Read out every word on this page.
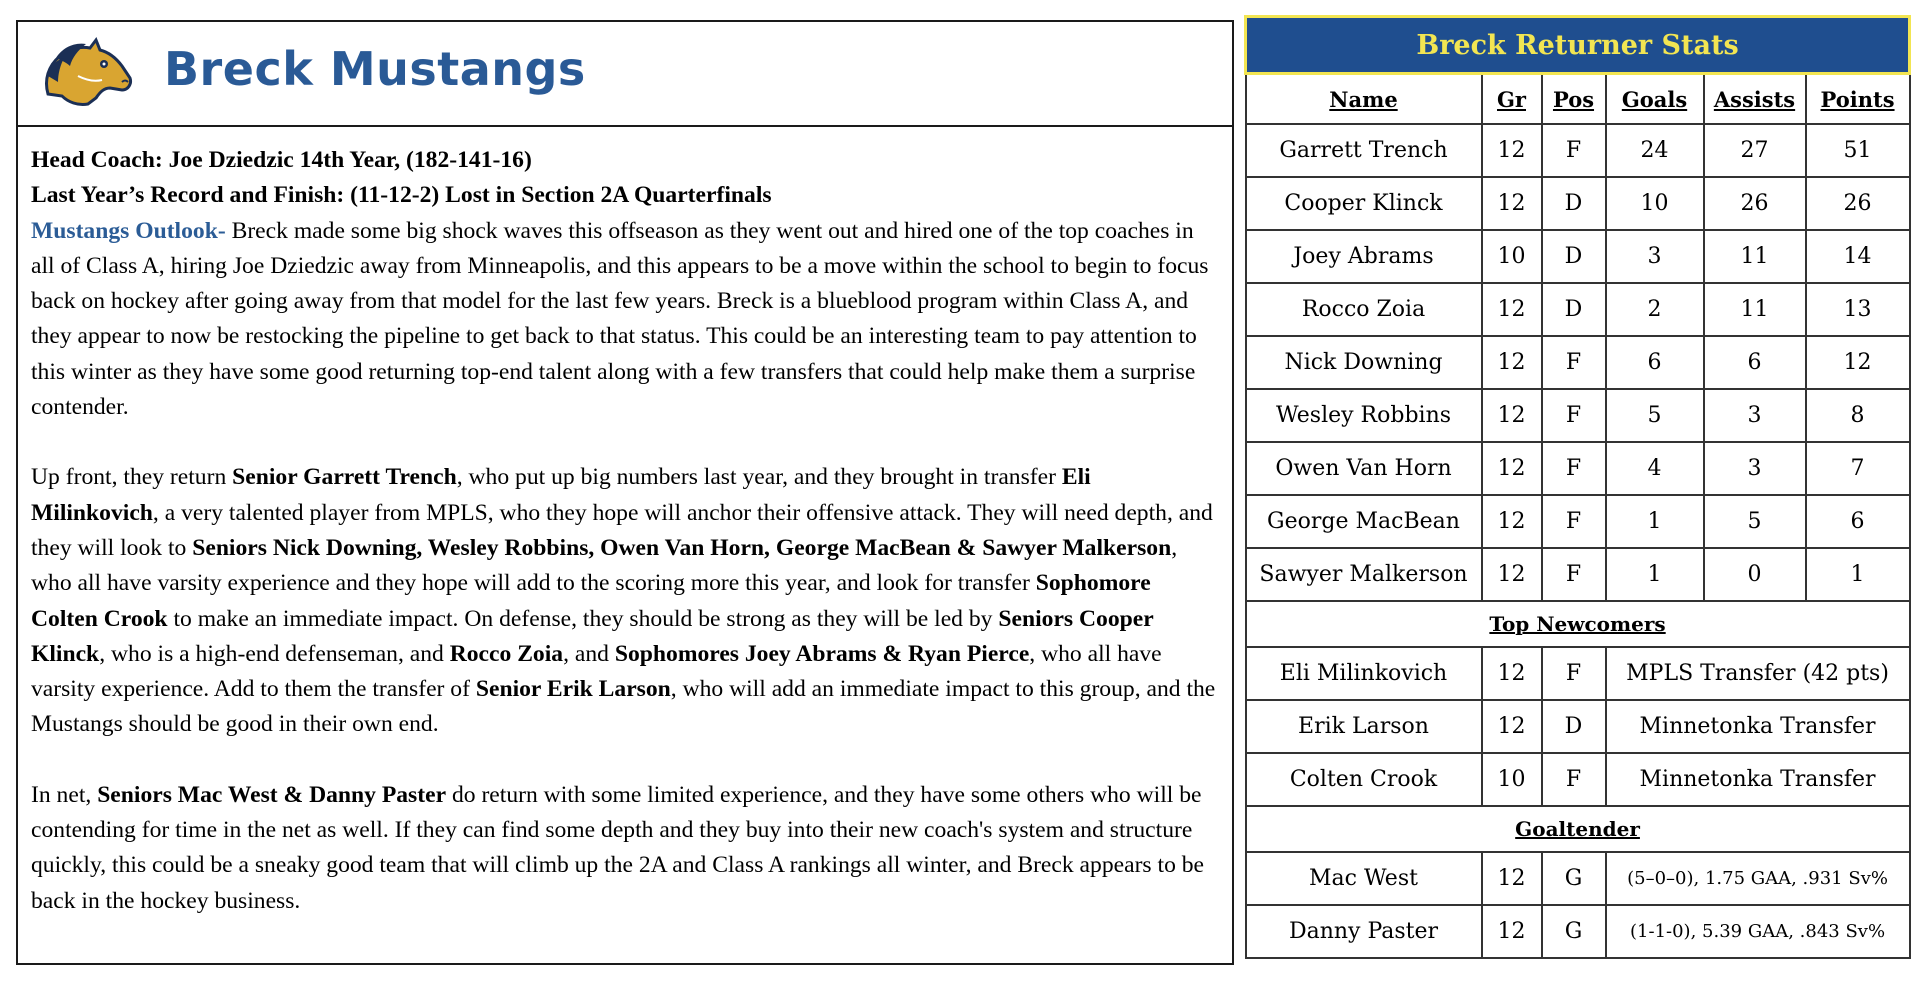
Breck Mustangs

Head Coach: Joe Dziedzic 14th Year, (182-141-16)

Last Year’s Record and Finish: (11-12-2) Lost in Section 2A Quarterfinals

Mustangs Outlook- Breck made some big shock waves this offseason as they went out and hired one of the top coaches in all of Class A, hiring Joe Dziedzic away from Minneapolis, and this appears to be a move within the school to begin to focus back on hockey after going away from that model for the last few years. Breck is a blueblood program within Class A, and they appear to now be restocking the pipeline to get back to that status. This could be an interesting team to pay attention to this winter as they have some good returning top-end talent along with a few transfers that could help make them a surprise contender.

Up front, they return Senior Garrett Trench, who put up big numbers last year, and they brought in transfer Eli Milinkovich, a very talented player from MPLS, who they hope will anchor their offensive attack. They will need depth, and they will look to Seniors Nick Downing, Wesley Robbins, Owen Van Horn, George MacBean & Sawyer Malkerson, who all have varsity experience and they hope will add to the scoring more this year, and look for transfer Sophomore Colten Crook to make an immediate impact. On defense, they should be strong as they will be led by Seniors Cooper Klinck, who is a high-end defenseman, and Rocco Zoia, and Sophomores Joey Abrams & Ryan Pierce, who all have varsity experience. Add to them the transfer of Senior Erik Larson, who will add an immediate impact to this group, and the Mustangs should be good in their own end.

In net, Seniors Mac West & Danny Paster do return with some limited experience, and they have some others who will be contending for time in the net as well. If they can find some depth and they buy into their new coach's system and structure quickly, this could be a sneaky good team that will climb up the 2A and Class A rankings all winter, and Breck appears to be back in the hockey business.

Breck Returner Stats					
Name	Gr	Pos	Goals	Assists	Points
Garrett Trench	12	F	24	27	51
Cooper Klinck	12	D	10	26	26
Joey Abrams	10	D	3	11	14
Rocco Zoia	12	D	2	11	13
Nick Downing	12	F	6	6	12
Wesley Robbins	12	F	5	3	8
Owen Van Horn	12	F	4	3	7
George MacBean	12	F	1	5	6
Sawyer Malkerson	12	F	1	0	1
Top Newcomers					
Eli Milinkovich	12	F	MPLS Transfer (42 pts)		
Erik Larson	12	D	Minnetonka Transfer		
Colten Crook	10	F	Minnetonka Transfer		
Goaltender					
Mac West	12	G	(5–0–0), 1.75 GAA, .931 Sv%		
Danny Paster	12	G	(1-1-0), 5.39 GAA, .843 Sv%		
